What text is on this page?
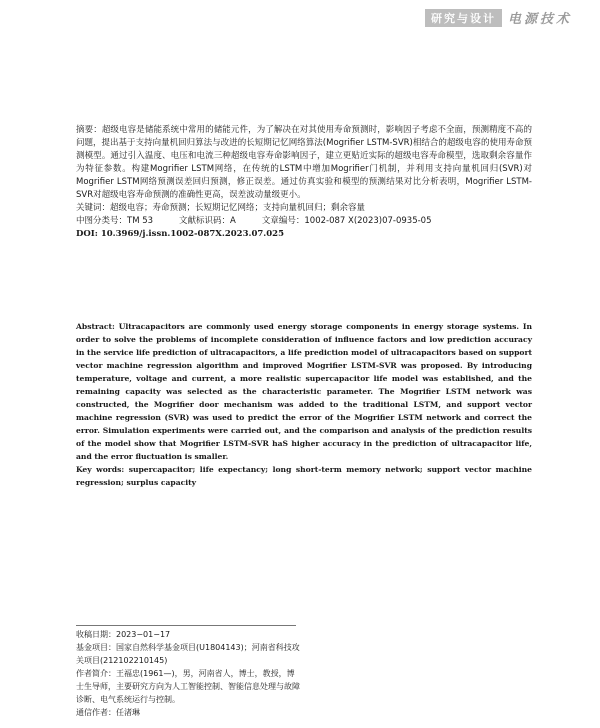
研究与设计 电源技术
摘要：超级电容是储能系统中常用的储能元件，为了解决在对其使用寿命预测时，影响因子考虑不全面，预测精度不高的问题，提出基于支持向量机回归算法与改进的长短期记忆网络算法(Mogrifier LSTM-SVR)相结合的超级电容的使用寿命预测模型。通过引入温度、电压和电流三种超级电容寿命影响因子，建立更贴近实际的超级电容寿命模型，选取剩余容量作为特征参数。构建Mogrifier LSTM网络，在传统的LSTM中增加Mogrifier门机制，并利用支持向量机回归(SVR)对Mogrifier LSTM网络预测误差回归预测，修正误差。通过仿真实验和模型的预测结果对比分析表明，Mogrifier LSTM-SVR对超级电容寿命预测的准确性更高，误差波动量级更小。
关键词：超级电容；寿命预测；长短期记忆网络；支持向量机回归；剩余容量
中图分类号：TM 53	文献标识码：A	文章编号：1002-087 X(2023)07-0935-05
DOI: 10.3969/j.issn.1002-087X.2023.07.025
Abstract: Ultracapacitors are commonly used energy storage components in energy storage systems. In order to solve the problems of incomplete consideration of influence factors and low prediction accuracy in the service life prediction of ultracapacitors, a life prediction model of ultracapacitors based on support vector machine regression algorithm and improved Mogrifier LSTM-SVR was proposed. By introducing temperature, voltage and current, a more realistic supercapacitor life model was established, and the remaining capacity was selected as the characteristic parameter. The Mogrifier LSTM network was constructed, the Mogrifier door mechanism was added to the traditional LSTM, and support vector machine regression (SVR) was used to predict the error of the Mogrifier LSTM network and correct the error. Simulation experiments were carried out, and the comparison and analysis of the prediction results of the model show that Mogrifier LSTM-SVR haS higher accuracy in the prediction of ultracapacitor life, and the error fluctuation is smaller.
Key words: supercapacitor; life expectancy; long short-term memory network; support vector machine regression; surplus capacity
收稿日期：2023−01−17
基金项目：国家自然科学基金项目(U1804143)；河南省科技攻关项目(212102210145)
作者简介：王福忠(1961—)，男，河南省人，博士，教授，博士生导师，主要研究方向为人工智能控制、智能信息处理与故障诊断、电气系统运行与控制。
通信作者：任渚琳
